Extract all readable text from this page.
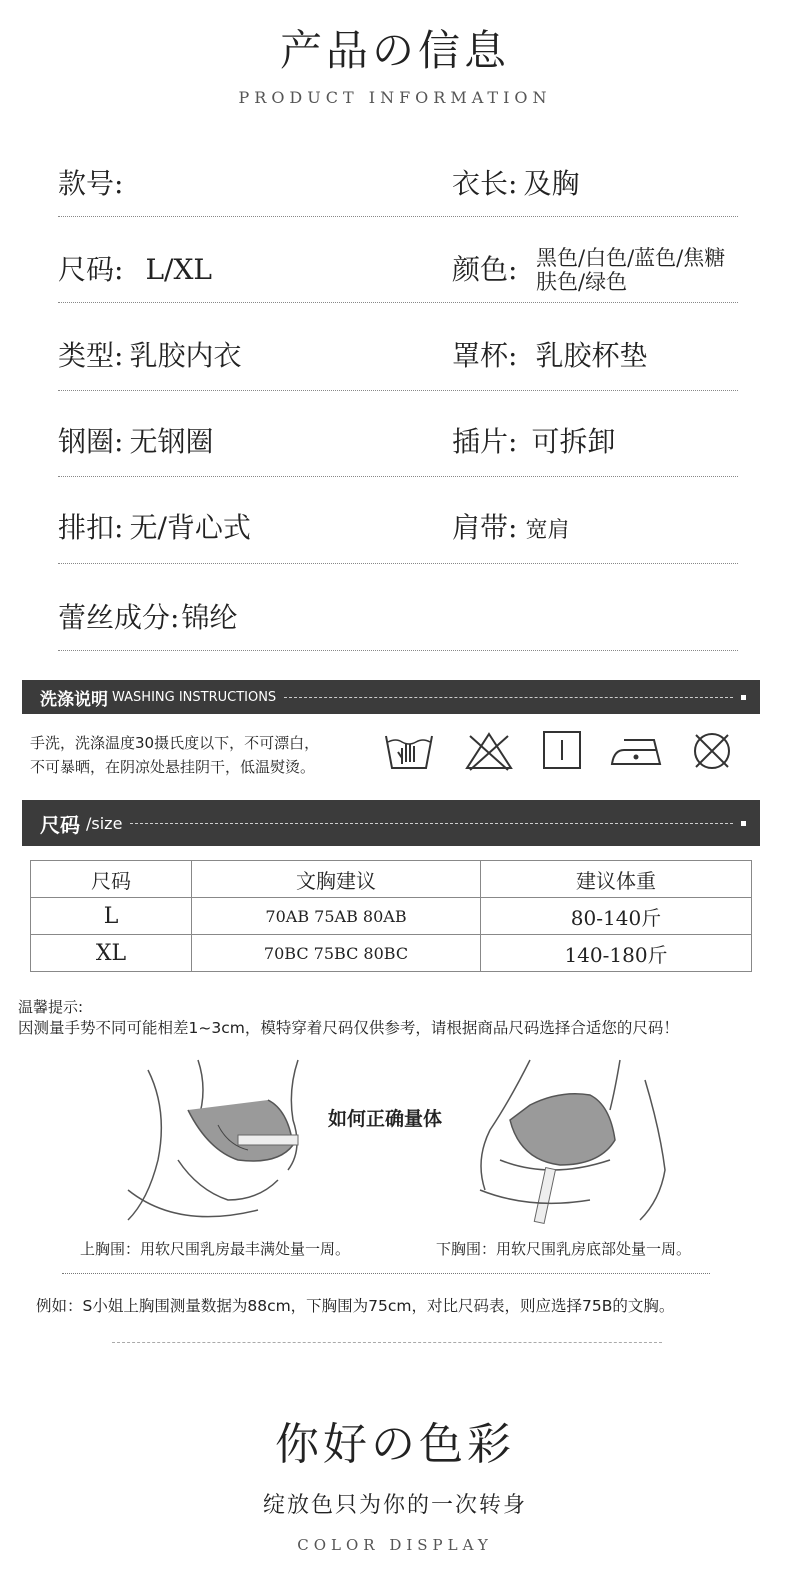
产品の信息
PRODUCT INFORMATION
款号:	衣长: 及胸
尺码: L/XL	颜色: 黑色/白色/蓝色/焦糖
肤色/绿色
类型: 乳胶内衣	罩杯: 乳胶杯垫
钢圈: 无钢圈	插片: 可拆卸
排扣: 无/背心式	肩带: 宽肩
蕾丝成分:锦纶
洗涤说明 WASHING INSTRUCTIONS
手洗，洗涤温度30摄氏度以下，不可漂白，
不可暴晒，在阴凉处悬挂阴干，低温熨烫。
尺码 /size
尺码	文胸建议	建议体重
L	70AB 75AB 80AB	80-140斤
XL	70BC 75BC 80BC	140-180斤
温馨提示:
因测量手势不同可能相差1~3cm，模特穿着尺码仅供参考，请根据商品尺码选择合适您的尺码！
如何正确量体
上胸围：用软尺围乳房最丰满处量一周。	下胸围：用软尺围乳房底部处量一周。
例如：S小姐上胸围测量数据为88cm，下胸围为75cm，对比尺码表，则应选择75B的文胸。
你好の色彩
绽放色只为你的一次转身
COLOR DISPLAY
